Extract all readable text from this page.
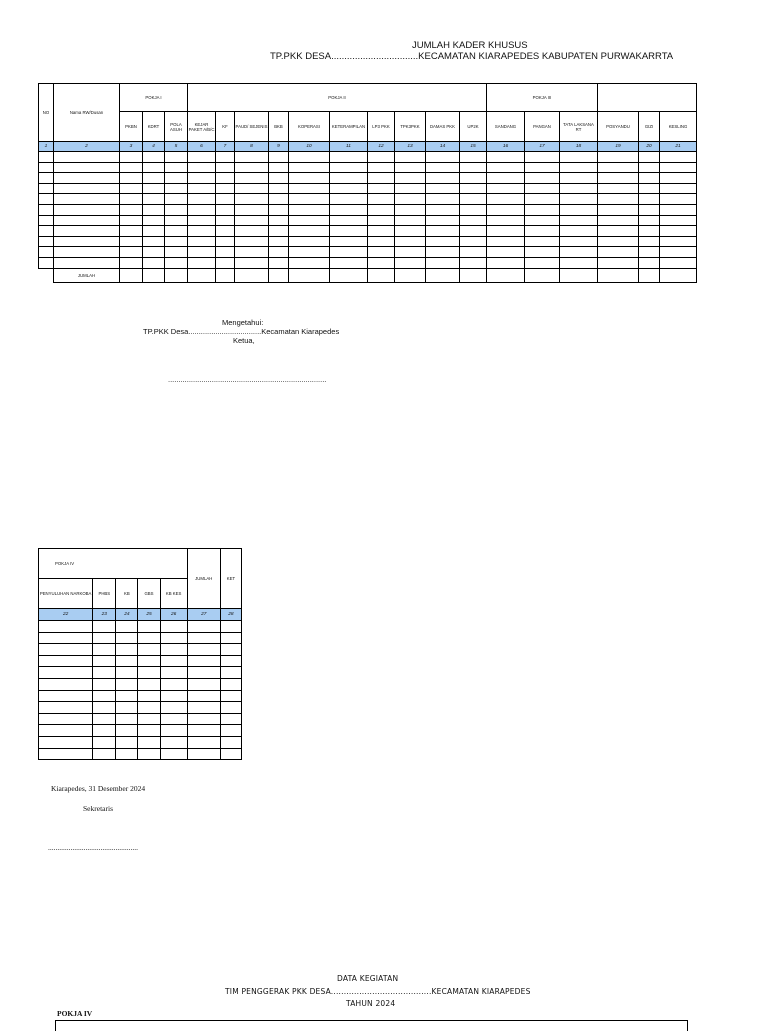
JUMLAH KADER KHUSUS
TP.PKK DESA.................................KECAMATAN KIARAPEDES KABUPATEN PURWAKARRTA
NO	Nama RW/Dusan	POKJA I			POKJA II										POKJA III					
		PKBN	KDRT	POLA ASUH	KEJAR PAKET A/B/C	KF	PAUD/ SEJENIS	BKB	KOPERASI	KETERAMPILAN	LP3 PKK	TPK3PKK	DAMAS PKK	UP2K	SANDANG	PANGAN	TATA LAKSANA RT	POSYANDU	GIZI	KESLING
1	2	3	4	5	6	7	8	9	10	11	12	13	14	15	16	17	18	19	20	21

	JUMLAH																			
Mengetahui:
TP.PKK Desa...................................Kecamatan Kiarapedes
Ketua,
............................................................................
POKJA IV					JUMLAH	KET
PENYULUHAN NARKOBA	PHBS	KB	GBS	KB KES		
22	23	24	25	26	27	28

Kiarapedes, 31 Desember 2024
Sekretaris
................................................
DATA KEGIATAN
TIM PENGGERAK PKK DESA.......................................KECAMATAN KIARAPEDES
TAHUN 2024
POKJA IV
